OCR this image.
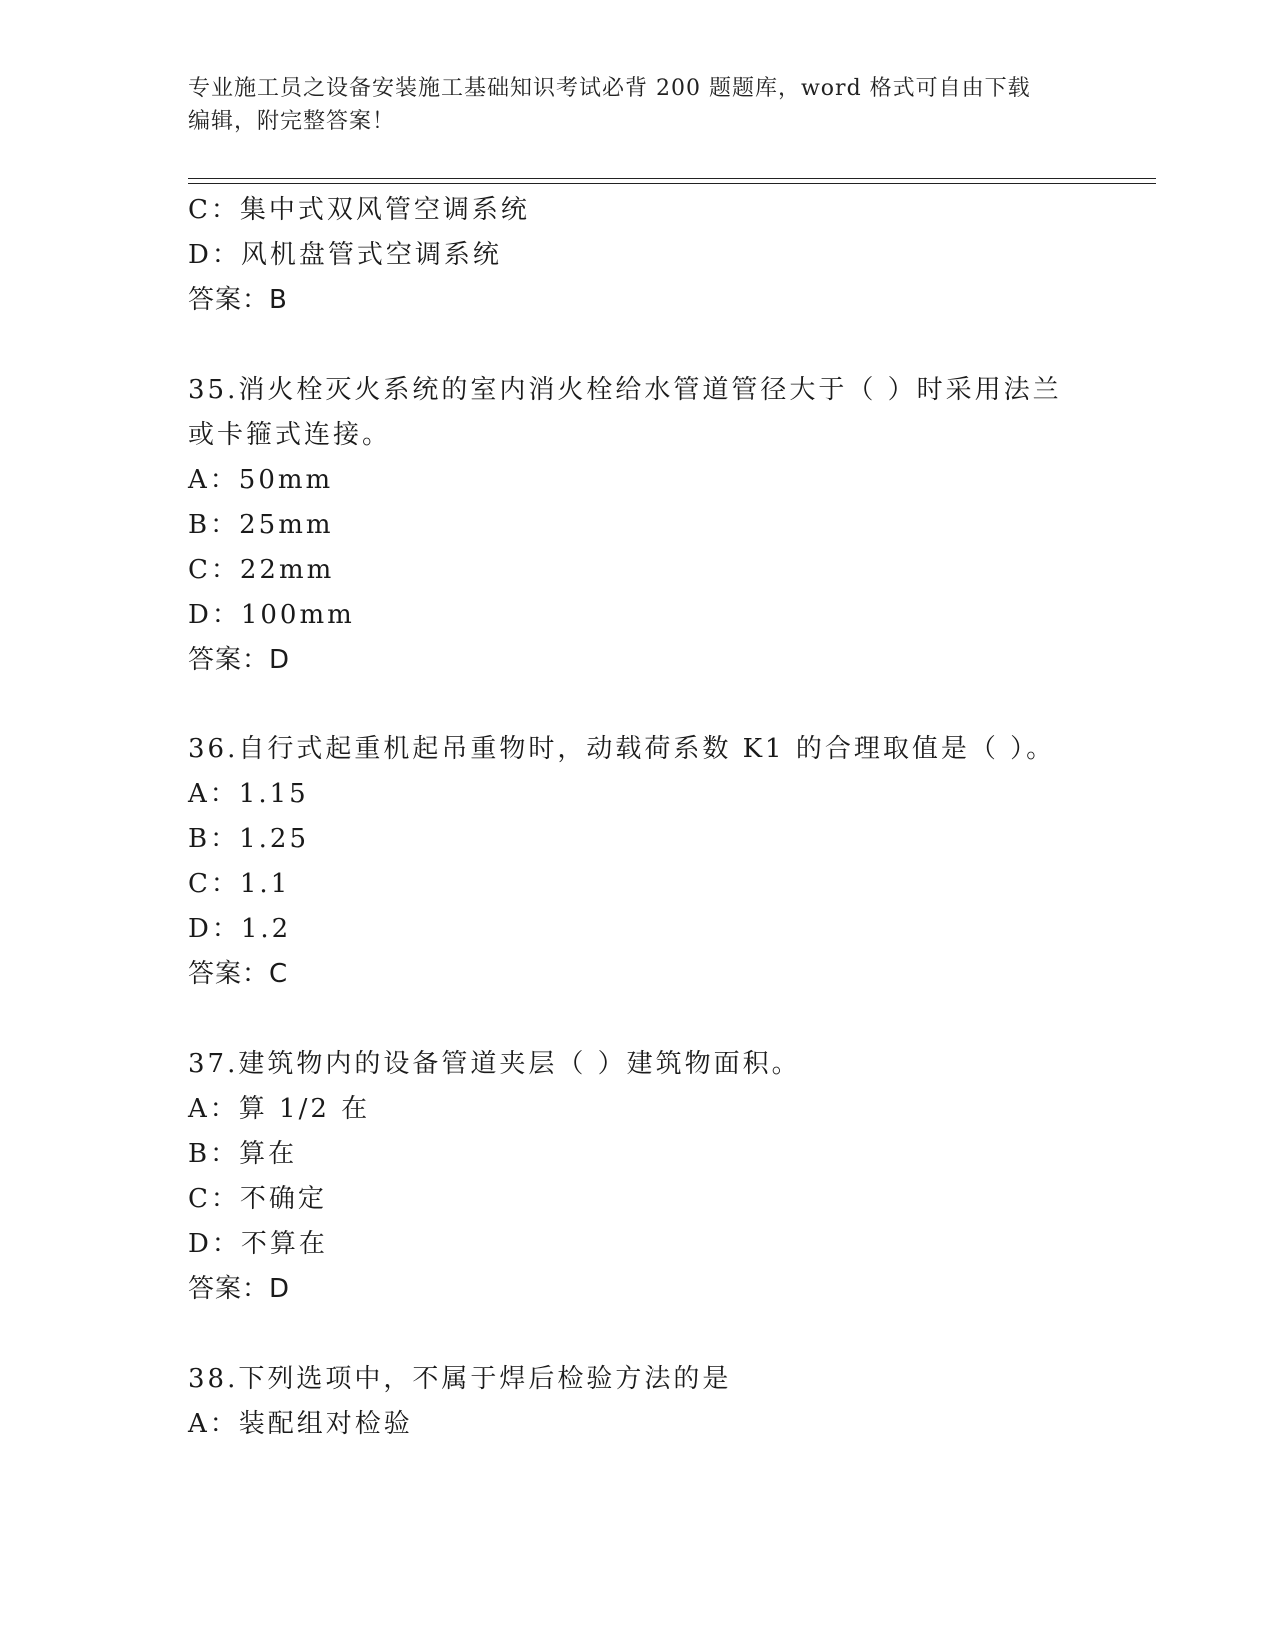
专业施工员之设备安装施工基础知识考试必背 200 题题库，word 格式可自由下载
编辑，附完整答案！
C：集中式双风管空调系统
D：风机盘管式空调系统
答案：B
35.消火栓灭火系统的室内消火栓给水管道管径大于（ ）时采用法兰
或卡箍式连接。
A：50mm
B：25mm
C：22mm
D：100mm
答案：D
36.自行式起重机起吊重物时，动载荷系数 K1 的合理取值是（ ）。
A：1.15
B：1.25
C：1.1
D：1.2
答案：C
37.建筑物内的设备管道夹层（ ）建筑物面积。
A：算 1/2 在
B：算在
C：不确定
D：不算在
答案：D
38.下列选项中，不属于焊后检验方法的是
A：装配组对检验
